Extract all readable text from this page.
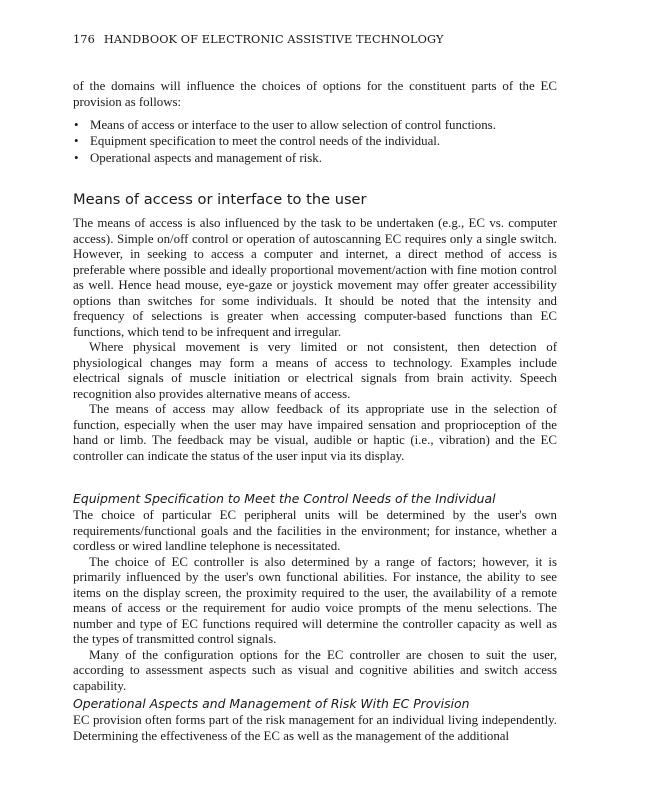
176 HANDBOOK OF ELECTRONIC ASSISTIVE TECHNOLOGY

of the domains will influence the choices of options for the constituent parts of the EC provision as follows:

• Means of access or interface to the user to allow selection of control functions.
• Equipment specification to meet the control needs of the individual.
• Operational aspects and management of risk.
Means of access or interface to the user

The means of access is also influenced by the task to be undertaken (e.g., EC vs. computer access). Simple on/off control or operation of autoscanning EC requires only a single switch. However, in seeking to access a computer and internet, a direct method of access is preferable where possible and ideally proportional movement/action with fine motion control as well. Hence head mouse, eye-gaze or joystick movement may offer greater accessibility options than switches for some individuals. It should be noted that the intensity and frequency of selections is greater when accessing computer-based functions than EC functions, which tend to be infrequent and irregular.

Where physical movement is very limited or not consistent, then detection of physiological changes may form a means of access to technology. Examples include electrical signals of muscle initiation or electrical signals from brain activity. Speech recognition also provides alternative means of access.

The means of access may allow feedback of its appropriate use in the selection of function, especially when the user may have impaired sensation and proprioception of the hand or limb. The feedback may be visual, audible or haptic (i.e., vibration) and the EC controller can indicate the status of the user input via its display.

Equipment Specification to Meet the Control Needs of the Individual

The choice of particular EC peripheral units will be determined by the user's own requirements/functional goals and the facilities in the environment; for instance, whether a cordless or wired landline telephone is necessitated.

The choice of EC controller is also determined by a range of factors; however, it is primarily influenced by the user's own functional abilities. For instance, the ability to see items on the display screen, the proximity required to the user, the availability of a remote means of access or the requirement for audio voice prompts of the menu selections. The number and type of EC functions required will determine the controller capacity as well as the types of transmitted control signals.

Many of the configuration options for the EC controller are chosen to suit the user, according to assessment aspects such as visual and cognitive abilities and switch access capability.

Operational Aspects and Management of Risk With EC Provision

EC provision often forms part of the risk management for an individual living independently. Determining the effectiveness of the EC as well as the management of the additional
